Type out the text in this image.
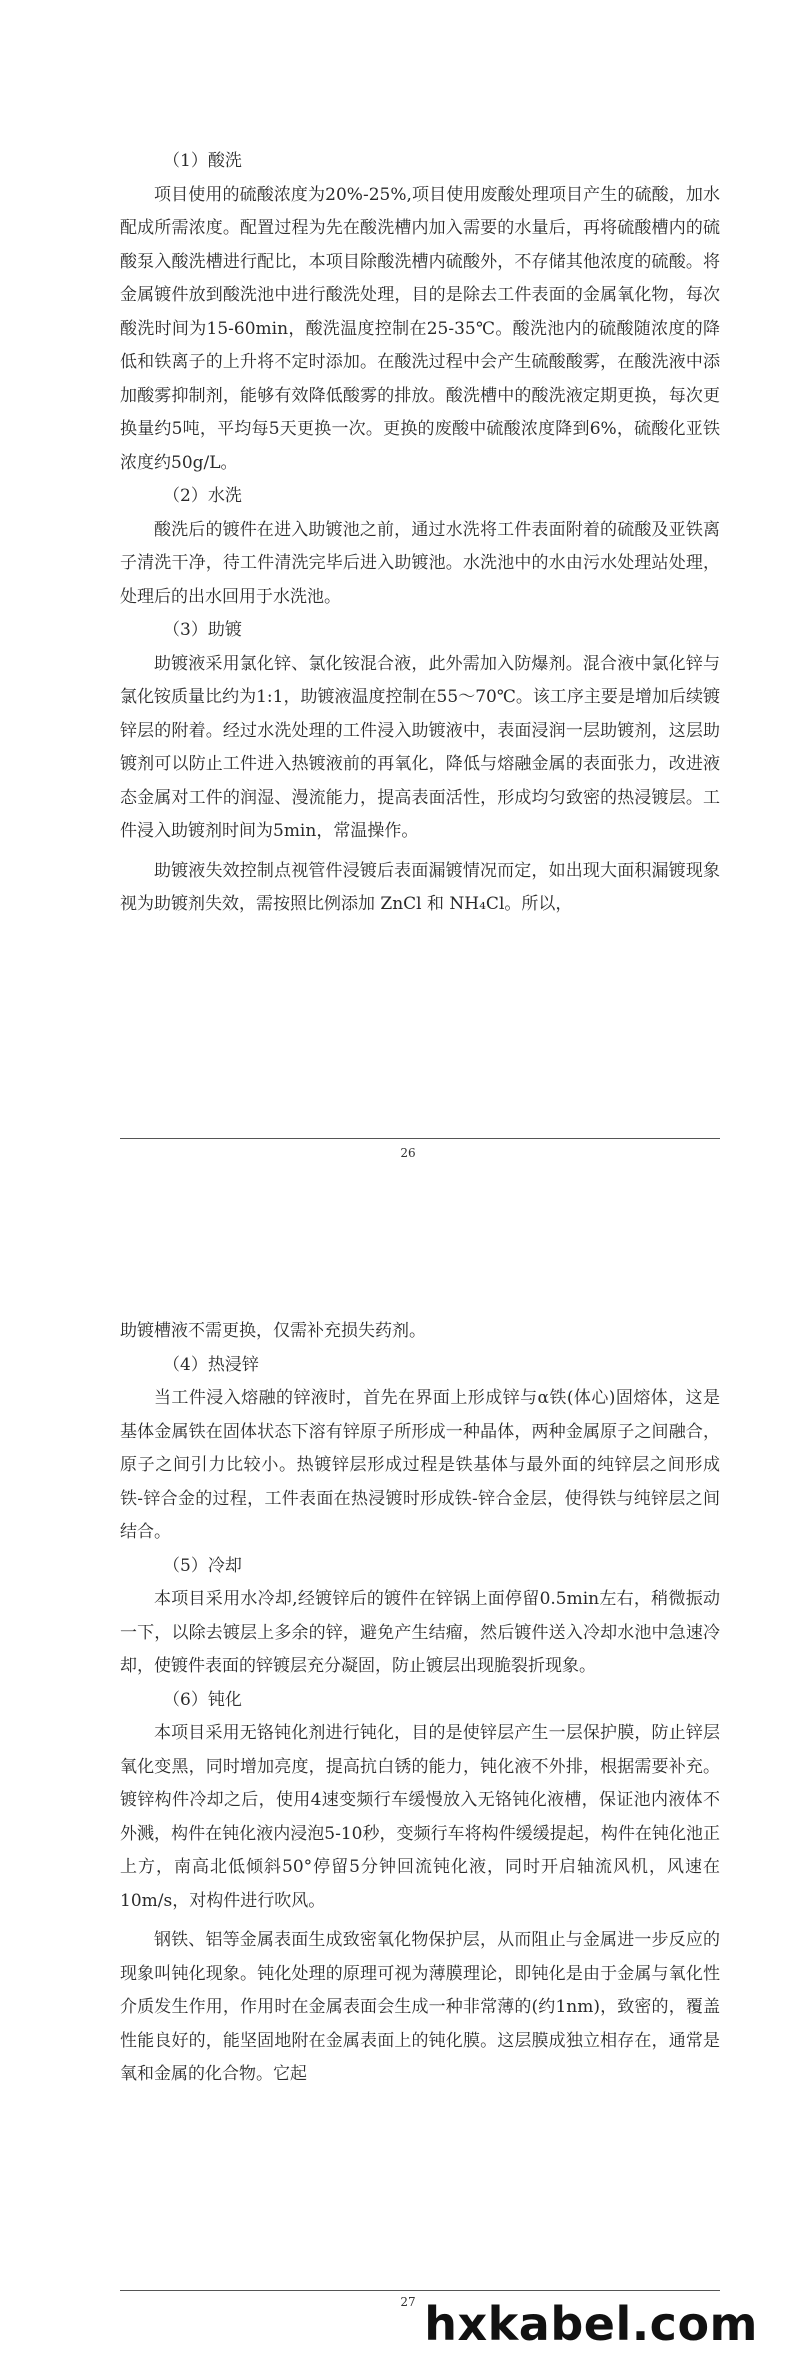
（1）酸洗

项目使用的硫酸浓度为20%-25%,项目使用废酸处理项目产生的硫酸，加水配成所需浓度。配置过程为先在酸洗槽内加入需要的水量后，再将硫酸槽内的硫酸泵入酸洗槽进行配比，本项目除酸洗槽内硫酸外，不存储其他浓度的硫酸。将金属镀件放到酸洗池中进行酸洗处理，目的是除去工件表面的金属氧化物，每次酸洗时间为15-60min，酸洗温度控制在25-35℃。酸洗池内的硫酸随浓度的降低和铁离子的上升将不定时添加。在酸洗过程中会产生硫酸酸雾，在酸洗液中添加酸雾抑制剂，能够有效降低酸雾的排放。酸洗槽中的酸洗液定期更换，每次更换量约5吨，平均每5天更换一次。更换的废酸中硫酸浓度降到6%，硫酸化亚铁浓度约50g/L。

（2）水洗

酸洗后的镀件在进入助镀池之前，通过水洗将工件表面附着的硫酸及亚铁离子清洗干净，待工件清洗完毕后进入助镀池。水洗池中的水由污水处理站处理，处理后的出水回用于水洗池。

（3）助镀

助镀液采用氯化锌、氯化铵混合液，此外需加入防爆剂。混合液中氯化锌与氯化铵质量比约为1:1，助镀液温度控制在55～70℃。该工序主要是增加后续镀锌层的附着。经过水洗处理的工件浸入助镀液中，表面浸润一层助镀剂，这层助镀剂可以防止工件进入热镀液前的再氧化，降低与熔融金属的表面张力，改进液态金属对工件的润湿、漫流能力，提高表面活性，形成均匀致密的热浸镀层。工件浸入助镀剂时间为5min，常温操作。

助镀液失效控制点视管件浸镀后表面漏镀情况而定，如出现大面积漏镀现象视为助镀剂失效，需按照比例添加 ZnCl 和 NH₄Cl。所以，

26

助镀槽液不需更换，仅需补充损失药剂。

（4）热浸锌

当工件浸入熔融的锌液时，首先在界面上形成锌与α铁(体心)固熔体，这是基体金属铁在固体状态下溶有锌原子所形成一种晶体，两种金属原子之间融合，原子之间引力比较小。热镀锌层形成过程是铁基体与最外面的纯锌层之间形成铁-锌合金的过程，工件表面在热浸镀时形成铁-锌合金层，使得铁与纯锌层之间结合。

（5）冷却

本项目采用水冷却,经镀锌后的镀件在锌锅上面停留0.5min左右，稍微振动一下，以除去镀层上多余的锌，避免产生结瘤，然后镀件送入冷却水池中急速冷却，使镀件表面的锌镀层充分凝固，防止镀层出现脆裂折现象。

（6）钝化

本项目采用无铬钝化剂进行钝化，目的是使锌层产生一层保护膜，防止锌层氧化变黑，同时增加亮度，提高抗白锈的能力，钝化液不外排，根据需要补充。镀锌构件冷却之后，使用4速变频行车缓慢放入无铬钝化液槽，保证池内液体不外溅，构件在钝化液内浸泡5-10秒，变频行车将构件缓缓提起，构件在钝化池正上方，南高北低倾斜50°停留5分钟回流钝化液，同时开启轴流风机，风速在10m/s，对构件进行吹风。

钢铁、铝等金属表面生成致密氧化物保护层，从而阻止与金属进一步反应的现象叫钝化现象。钝化处理的原理可视为薄膜理论，即钝化是由于金属与氧化性介质发生作用，作用时在金属表面会生成一种非常薄的(约1nm)，致密的，覆盖性能良好的，能坚固地附在金属表面上的钝化膜。这层膜成独立相存在，通常是氧和金属的化合物。它起

27 hxkabel.com
